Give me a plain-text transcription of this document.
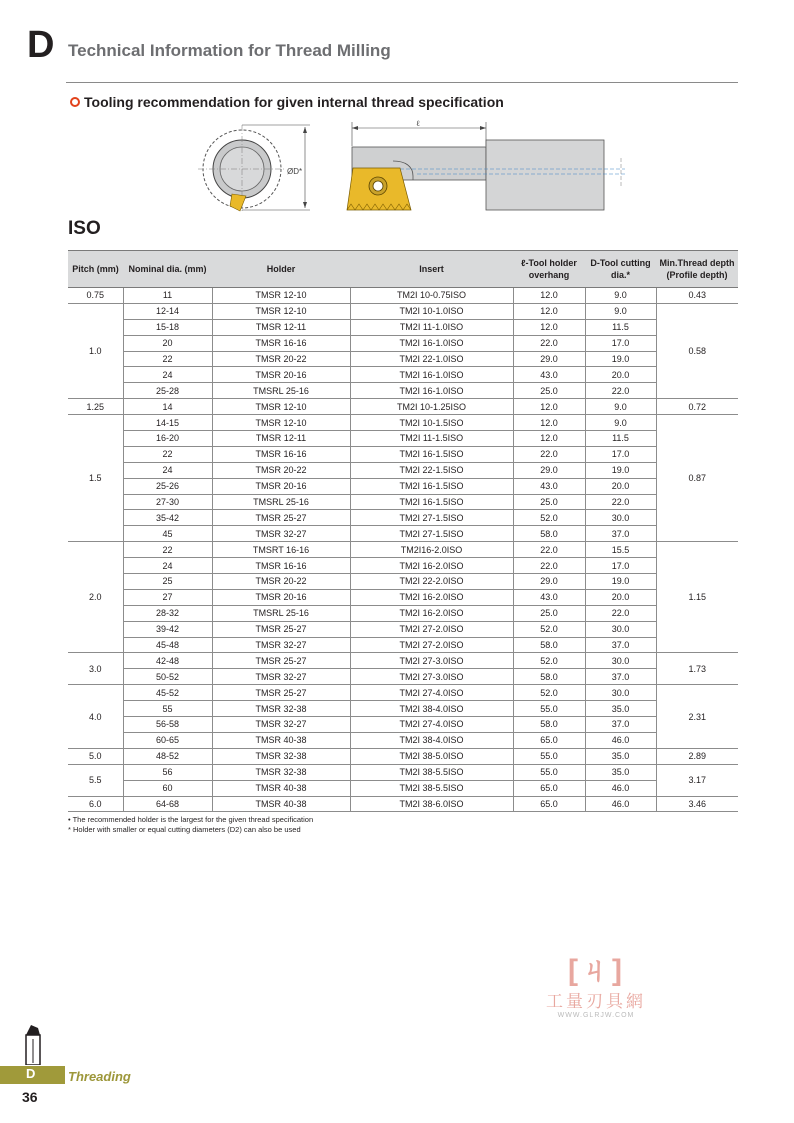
D Technical Information for Thread Milling
Tooling recommendation for given internal thread specification
ØD*
ℓ
ISO
Pitch (mm)	Nominal dia. (mm)	Holder	Insert	ℓ-Tool holder overhang	D-Tool cutting dia.*	Min.Thread depth (Profile depth)
0.75	11	TMSR 12-10	TM2I 10-0.75ISO	12.0	9.0	0.43
1.0	12-14	TMSR 12-10	TM2I 10-1.0ISO	12.0	9.0	0.58
	15-18	TMSR 12-11	TM2I 11-1.0ISO	12.0	11.5	
	20	TMSR 16-16	TM2I 16-1.0ISO	22.0	17.0	
	22	TMSR 20-22	TM2I 22-1.0ISO	29.0	19.0	
	24	TMSR 20-16	TM2I 16-1.0ISO	43.0	20.0	
	25-28	TMSRL 25-16	TM2I 16-1.0ISO	25.0	22.0	
1.25	14	TMSR 12-10	TM2I 10-1.25ISO	12.0	9.0	0.72
1.5	14-15	TMSR 12-10	TM2I 10-1.5ISO	12.0	9.0	0.87
	16-20	TMSR 12-11	TM2I 11-1.5ISO	12.0	11.5	
	22	TMSR 16-16	TM2I 16-1.5ISO	22.0	17.0	
	24	TMSR 20-22	TM2I 22-1.5ISO	29.0	19.0	
	25-26	TMSR 20-16	TM2I 16-1.5ISO	43.0	20.0	
	27-30	TMSRL 25-16	TM2I 16-1.5ISO	25.0	22.0	
	35-42	TMSR 25-27	TM2I 27-1.5ISO	52.0	30.0	
	45	TMSR 32-27	TM2I 27-1.5ISO	58.0	37.0	
2.0	22	TMSRT 16-16	TM2I16-2.0ISO	22.0	15.5	1.15
	24	TMSR 16-16	TM2I 16-2.0ISO	22.0	17.0	
	25	TMSR 20-22	TM2I 22-2.0ISO	29.0	19.0	
	27	TMSR 20-16	TM2I 16-2.0ISO	43.0	20.0	
	28-32	TMSRL 25-16	TM2I 16-2.0ISO	25.0	22.0	
	39-42	TMSR 25-27	TM2I 27-2.0ISO	52.0	30.0	
	45-48	TMSR 32-27	TM2I 27-2.0ISO	58.0	37.0	
3.0	42-48	TMSR 25-27	TM2I 27-3.0ISO	52.0	30.0	1.73
	50-52	TMSR 32-27	TM2I 27-3.0ISO	58.0	37.0	
4.0	45-52	TMSR 25-27	TM2I 27-4.0ISO	52.0	30.0	2.31
	55	TMSR 32-38	TM2I 38-4.0ISO	55.0	35.0	
	56-58	TMSR 32-27	TM2I 27-4.0ISO	58.0	37.0	
	60-65	TMSR 40-38	TM2I 38-4.0ISO	65.0	46.0	
5.0	48-52	TMSR 32-38	TM2I 38-5.0ISO	55.0	35.0	2.89
5.5	56	TMSR 32-38	TM2I 38-5.5ISO	55.0	35.0	3.17
	60	TMSR 40-38	TM2I 38-5.5ISO	65.0	46.0	
6.0	64-68	TMSR 40-38	TM2I 38-6.0ISO	65.0	46.0	3.46
• The recommended holder is the largest for the given thread specification
* Holder with smaller or equal cutting diameters (D2) can also be used
[ㄐ]
工量刃具網
WWW.GLRJW.COM
D	Threading
36
